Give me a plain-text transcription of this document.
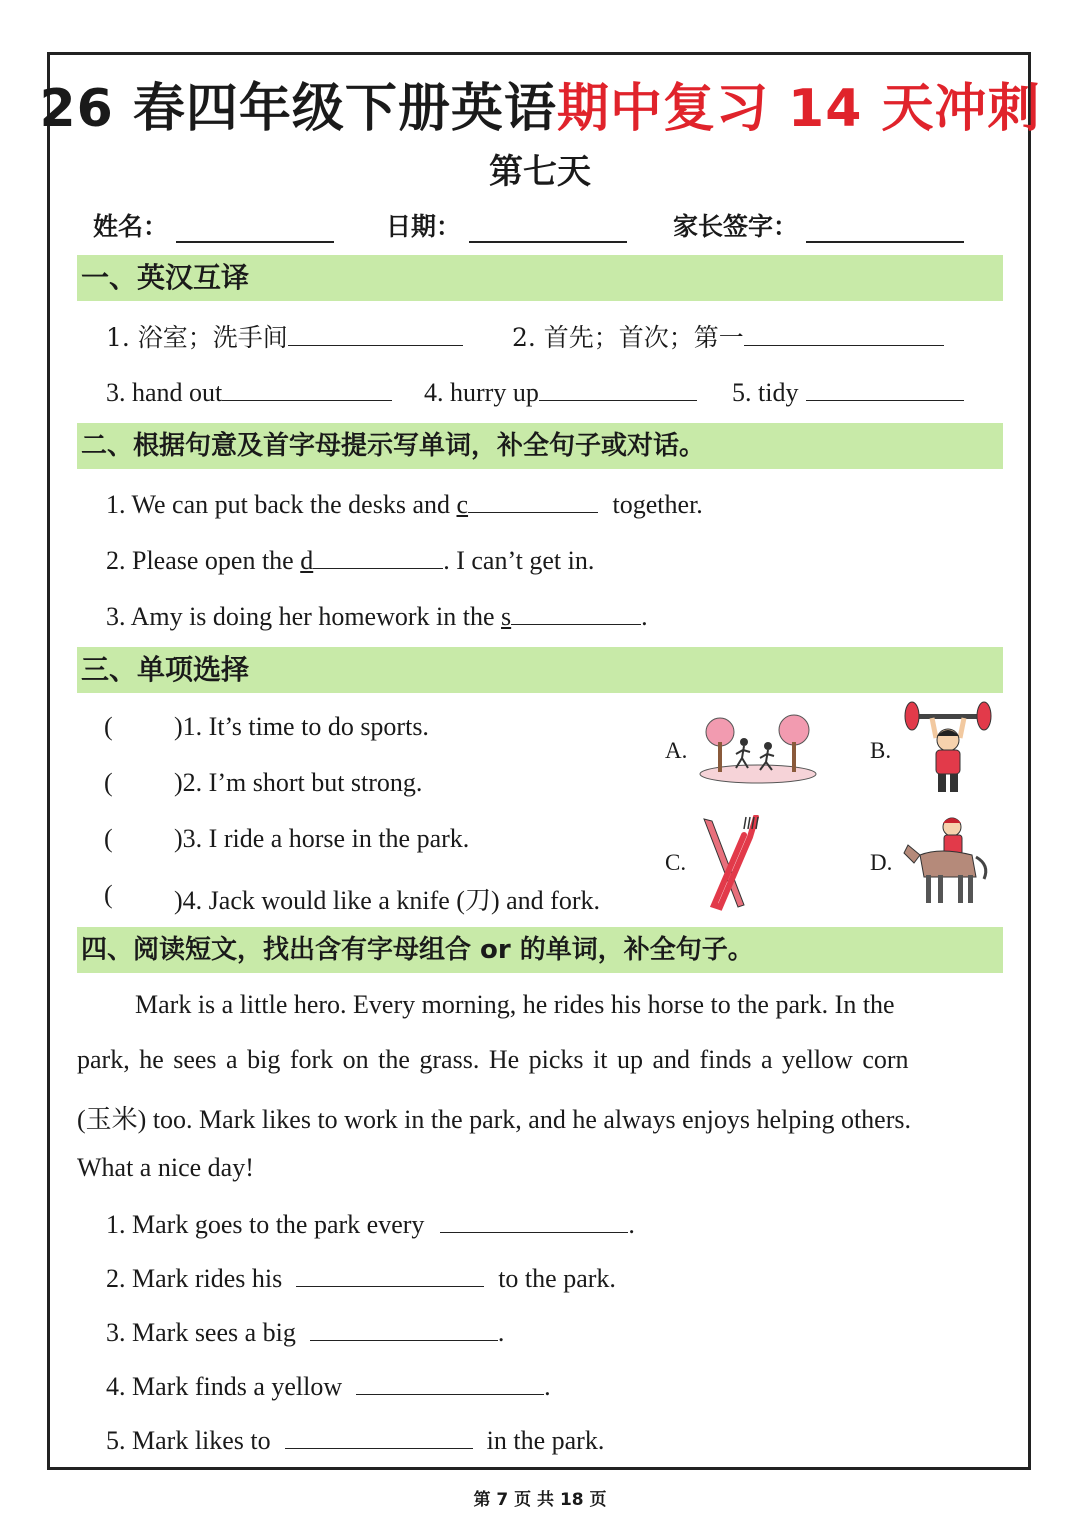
26 春四年级下册英语期中复习 14 天冲刺
第七天
姓名：	日期：	家长签字：
一、英汉互译
1. 浴室；洗手间	2. 首先；首次；第一
3. hand out	4. hurry up	5. tidy
二、根据句意及首字母提示写单词，补全句子或对话。
1. We can put back the desks and c	together.
2. Please open the d	. I can’t get in.
3. Amy is doing her homework in the s	.
三、单项选择
( )1. It’s time to do sports.
( )2. I’m short but strong.
( )3. I ride a horse in the park.
( )4. Jack would like a knife (刀) and fork.
A.	B.
C.	D.
四、阅读短文，找出含有字母组合 or 的单词，补全句子。
Mark is a little hero. Every morning, he rides his horse to the park. In the
park, he sees a big fork on the grass. He picks it up and finds a yellow corn
(玉米) too. Mark likes to work in the park, and he always enjoys helping others.
What a nice day!
1. Mark goes to the park every	.
2. Mark rides his	to the park.
3. Mark sees a big	.
4. Mark finds a yellow	.
5. Mark likes to	in the park.
第 7 页 共 18 页
